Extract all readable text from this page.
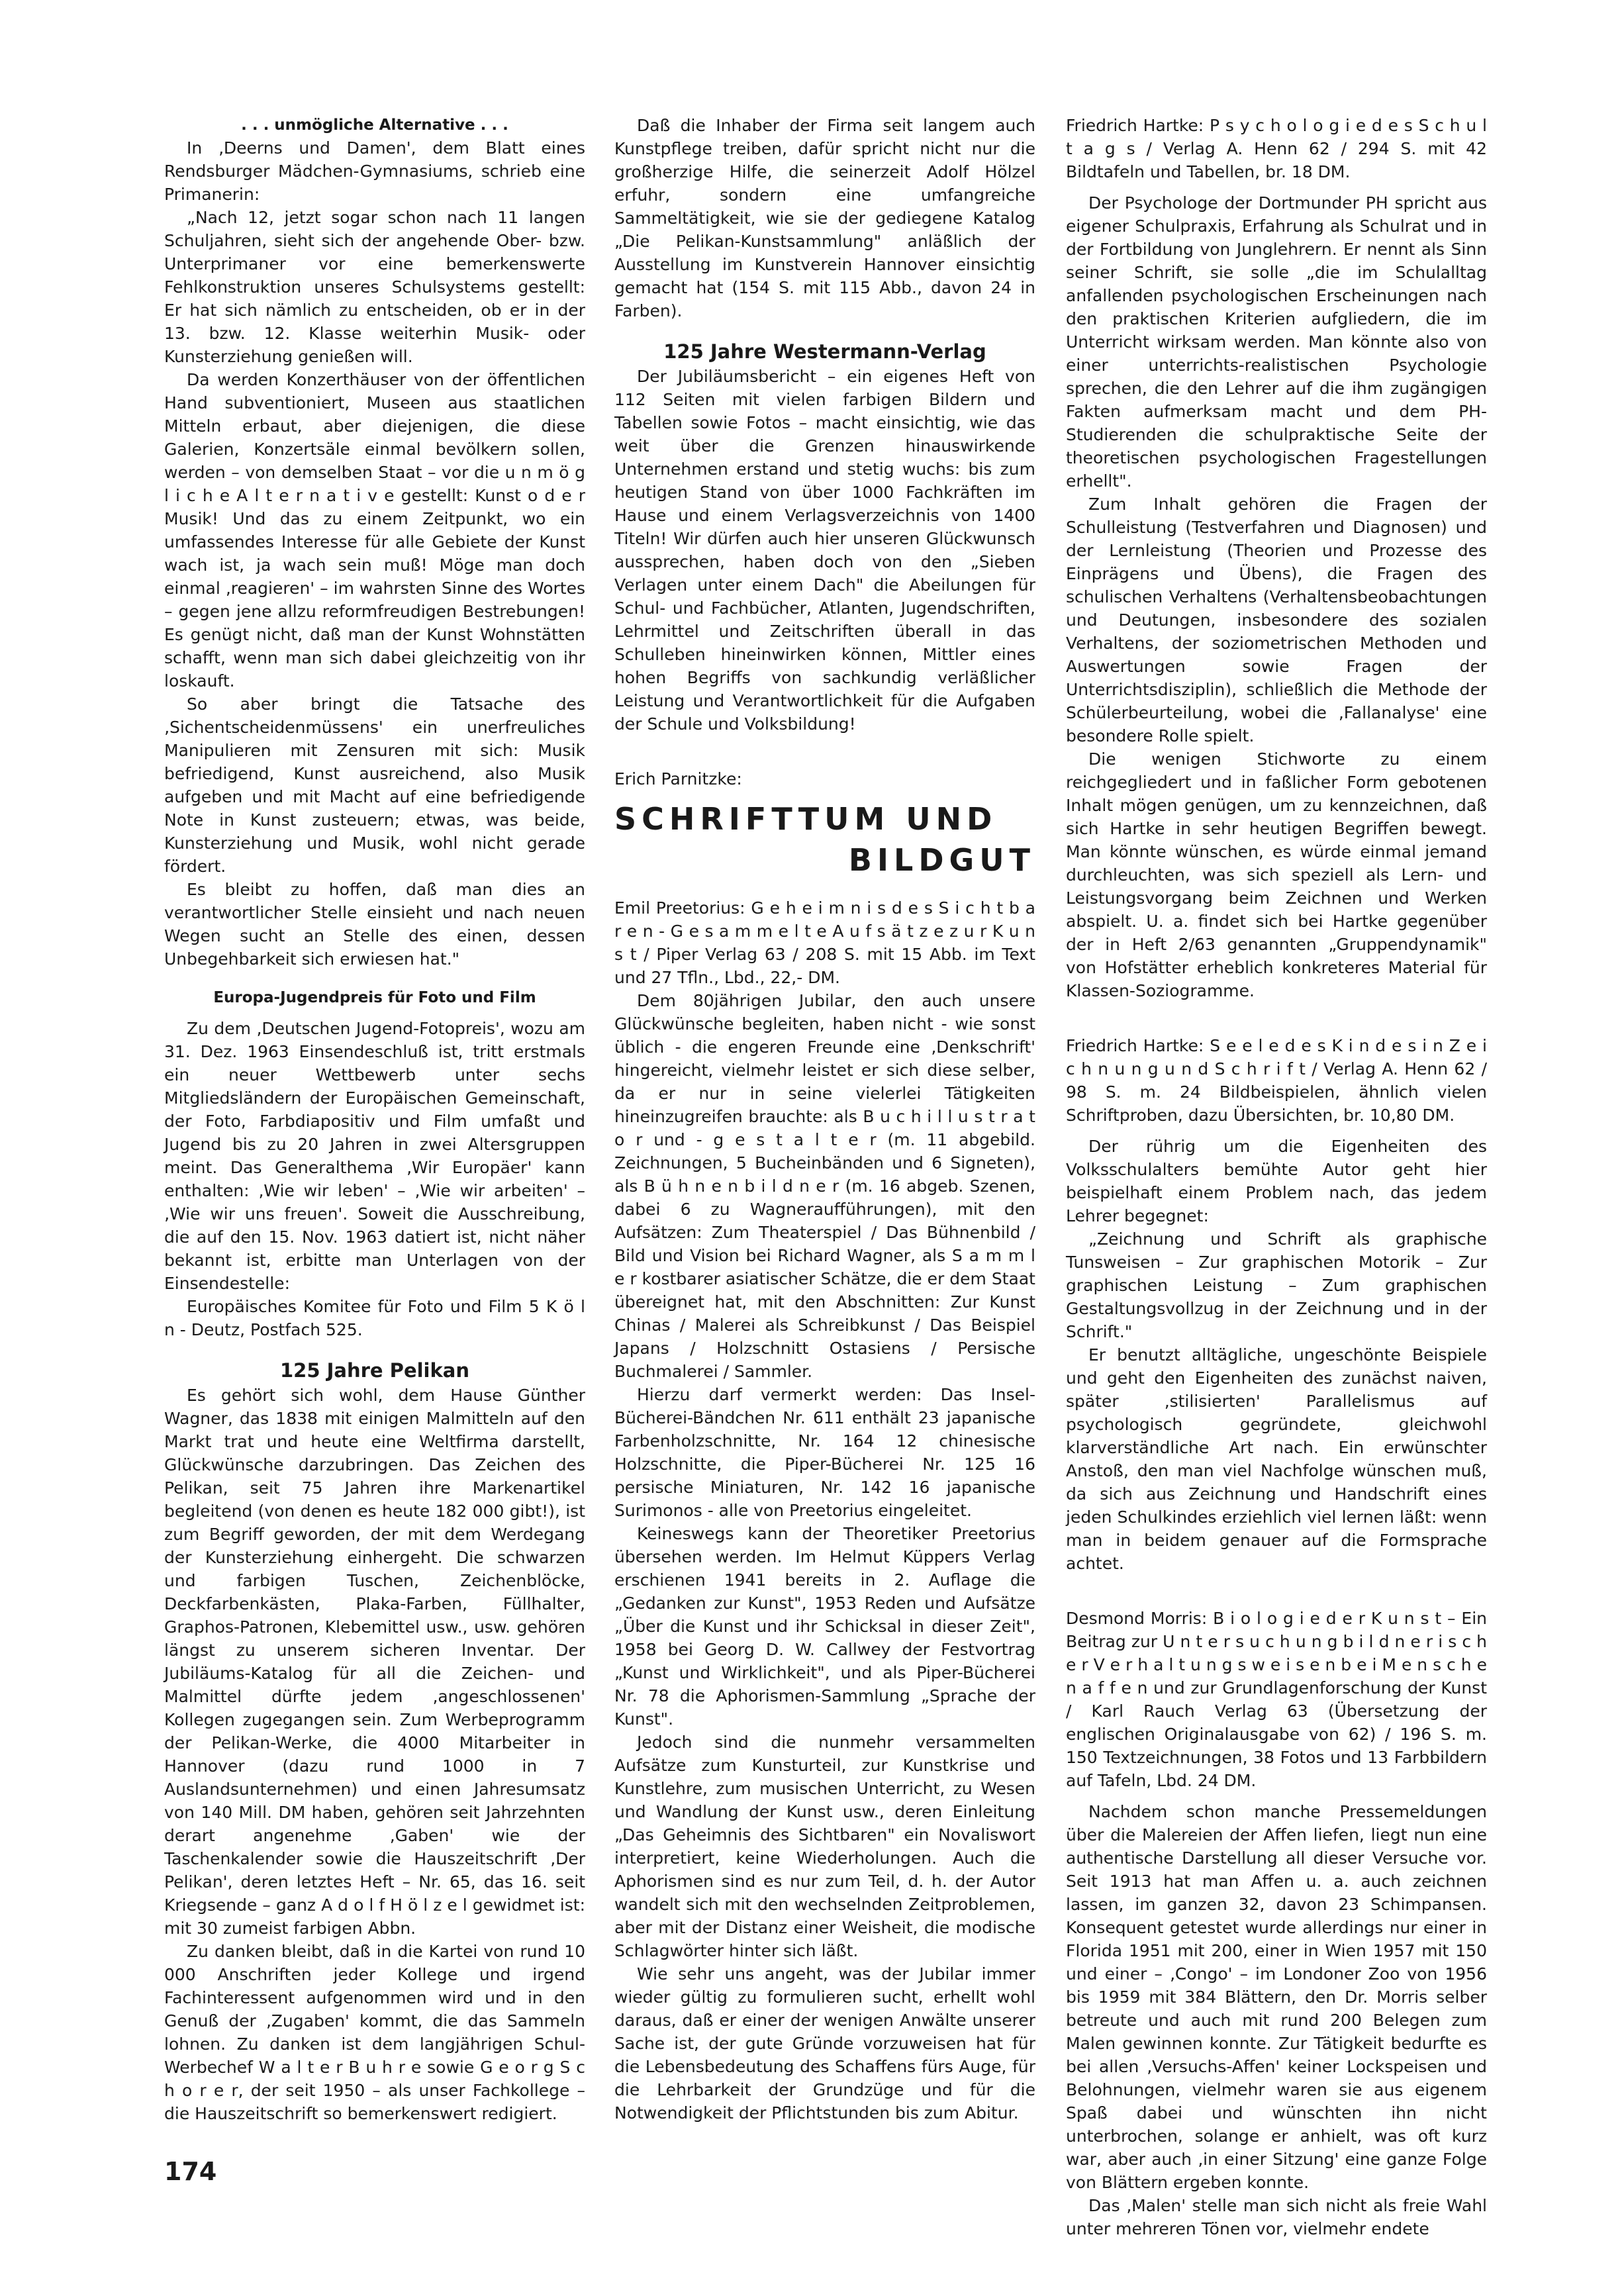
. . . unmögliche Alternative . . .

In ‚Deerns und Damen', dem Blatt eines Rendsburger Mädchen-Gymnasiums, schrieb eine Primanerin:

„Nach 12, jetzt sogar schon nach 11 langen Schuljahren, sieht sich der angehende Ober- bzw. Unterprimaner vor eine bemerkenswerte Fehlkonstruktion unseres Schulsystems gestellt: Er hat sich nämlich zu entscheiden, ob er in der 13. bzw. 12. Klasse weiterhin Musik- oder Kunsterziehung genießen will.

Da werden Konzerthäuser von der öffentlichen Hand subventioniert, Museen aus staatlichen Mitteln erbaut, aber diejenigen, die diese Galerien, Konzertsäle einmal bevölkern sollen, werden – von demselben Staat – vor die u n m ö g l i c h e A l t e r n a t i v e gestellt: Kunst o d e r Musik! Und das zu einem Zeitpunkt, wo ein umfassendes Interesse für alle Gebiete der Kunst wach ist, ja wach sein muß! Möge man doch einmal ‚reagieren' – im wahrsten Sinne des Wortes – gegen jene allzu reformfreudigen Bestrebungen! Es genügt nicht, daß man der Kunst Wohnstätten schafft, wenn man sich dabei gleichzeitig von ihr loskauft.

So aber bringt die Tatsache des ‚Sichentscheidenmüssens' ein unerfreuliches Manipulieren mit Zensuren mit sich: Musik befriedigend, Kunst ausreichend, also Musik aufgeben und mit Macht auf eine befriedigende Note in Kunst zusteuern; etwas, was beide, Kunsterziehung und Musik, wohl nicht gerade fördert.

Es bleibt zu hoffen, daß man dies an verantwortlicher Stelle einsieht und nach neuen Wegen sucht an Stelle des einen, dessen Unbegehbarkeit sich erwiesen hat."

Europa-Jugendpreis für Foto und Film

Zu dem ‚Deutschen Jugend-Fotopreis', wozu am 31. Dez. 1963 Einsendeschluß ist, tritt erstmals ein neuer Wettbewerb unter sechs Mitgliedsländern der Europäischen Gemeinschaft, der Foto, Farbdiapositiv und Film umfaßt und Jugend bis zu 20 Jahren in zwei Altersgruppen meint. Das Generalthema ‚Wir Europäer' kann enthalten: ‚Wie wir leben' – ‚Wie wir arbeiten' – ‚Wie wir uns freuen'. Soweit die Ausschreibung, die auf den 15. Nov. 1963 datiert ist, nicht näher bekannt ist, erbitte man Unterlagen von der Einsendestelle:

Europäisches Komitee für Foto und Film 5 K ö l n - Deutz, Postfach 525.

125 Jahre Pelikan

Es gehört sich wohl, dem Hause Günther Wagner, das 1838 mit einigen Malmitteln auf den Markt trat und heute eine Weltfirma darstellt, Glückwünsche darzubringen. Das Zeichen des Pelikan, seit 75 Jahren ihre Markenartikel begleitend (von denen es heute 182 000 gibt!), ist zum Begriff geworden, der mit dem Werdegang der Kunsterziehung einhergeht. Die schwarzen und farbigen Tuschen, Zeichenblöcke, Deckfarbenkästen, Plaka-Farben, Füllhalter, Graphos-Patronen, Klebemittel usw., usw. gehören längst zu unserem sicheren Inventar. Der Jubiläums-Katalog für all die Zeichen- und Malmittel dürfte jedem ‚angeschlossenen' Kollegen zugegangen sein. Zum Werbeprogramm der Pelikan-Werke, die 4000 Mitarbeiter in Hannover (dazu rund 1000 in 7 Auslandsunternehmen) und einen Jahresumsatz von 140 Mill. DM haben, gehören seit Jahrzehnten derart angenehme ‚Gaben' wie der Taschenkalender sowie die Hauszeitschrift ‚Der Pelikan', deren letztes Heft – Nr. 65, das 16. seit Kriegsende – ganz A d o l f H ö l z e l gewidmet ist: mit 30 zumeist farbigen Abbn.

Zu danken bleibt, daß in die Kartei von rund 10 000 Anschriften jeder Kollege und irgend Fachinteressent aufgenommen wird und in den Genuß der ‚Zugaben' kommt, die das Sammeln lohnen. Zu danken ist dem langjährigen Schul-Werbechef W a l t e r B u h r e sowie G e o r g S c h o r e r, der seit 1950 – als unser Fachkollege – die Hauszeitschrift so bemerkenswert redigiert.

Daß die Inhaber der Firma seit langem auch Kunstpflege treiben, dafür spricht nicht nur die großherzige Hilfe, die seinerzeit Adolf Hölzel erfuhr, sondern eine umfangreiche Sammeltätigkeit, wie sie der gediegene Katalog „Die Pelikan-Kunstsammlung" anläßlich der Ausstellung im Kunstverein Hannover einsichtig gemacht hat (154 S. mit 115 Abb., davon 24 in Farben).

125 Jahre Westermann-Verlag

Der Jubiläumsbericht – ein eigenes Heft von 112 Seiten mit vielen farbigen Bildern und Tabellen sowie Fotos – macht einsichtig, wie das weit über die Grenzen hinauswirkende Unternehmen erstand und stetig wuchs: bis zum heutigen Stand von über 1000 Fachkräften im Hause und einem Verlagsverzeichnis von 1400 Titeln! Wir dürfen auch hier unseren Glückwunsch aussprechen, haben doch von den „Sieben Verlagen unter einem Dach" die Abeilungen für Schul- und Fachbücher, Atlanten, Jugendschriften, Lehrmittel und Zeitschriften überall in das Schulleben hineinwirken können, Mittler eines hohen Begriffs von sachkundig verläßlicher Leistung und Verantwortlichkeit für die Aufgaben der Schule und Volksbildung!

Erich Parnitzke:

SCHRIFTTUM UND
BILDGUT

Emil Preetorius: G e h e i m n i s d e s S i c h t b a r e n - G e s a m m e l t e A u f s ä t z e z u r K u n s t / Piper Verlag 63 / 208 S. mit 15 Abb. im Text und 27 Tfln., Lbd., 22,- DM.

Dem 80jährigen Jubilar, den auch unsere Glückwünsche begleiten, haben nicht - wie sonst üblich - die engeren Freunde eine ‚Denkschrift' hingereicht, vielmehr leistet er sich diese selber, da er nur in seine vielerlei Tätigkeiten hineinzugreifen brauchte: als B u c h i l l u s t r a t o r und - g e s t a l t e r (m. 11 abgebild. Zeichnungen, 5 Bucheinbänden und 6 Signeten), als B ü h n e n b i l d n e r (m. 16 abgeb. Szenen, dabei 6 zu Wagneraufführungen), mit den Aufsätzen: Zum Theaterspiel / Das Bühnenbild / Bild und Vision bei Richard Wagner, als S a m m l e r kostbarer asiatischer Schätze, die er dem Staat übereignet hat, mit den Abschnitten: Zur Kunst Chinas / Malerei als Schreibkunst / Das Beispiel Japans / Holzschnitt Ostasiens / Persische Buchmalerei / Sammler.

Hierzu darf vermerkt werden: Das Insel-Bücherei-Bändchen Nr. 611 enthält 23 japanische Farbenholzschnitte, Nr. 164 12 chinesische Holzschnitte, die Piper-Bücherei Nr. 125 16 persische Miniaturen, Nr. 142 16 japanische Surimonos - alle von Preetorius eingeleitet.

Keineswegs kann der Theoretiker Preetorius übersehen werden. Im Helmut Küppers Verlag erschienen 1941 bereits in 2. Auflage die „Gedanken zur Kunst", 1953 Reden und Aufsätze „Über die Kunst und ihr Schicksal in dieser Zeit", 1958 bei Georg D. W. Callwey der Festvortrag „Kunst und Wirklichkeit", und als Piper-Bücherei Nr. 78 die Aphorismen-Sammlung „Sprache der Kunst".

Jedoch sind die nunmehr versammelten Aufsätze zum Kunsturteil, zur Kunstkrise und Kunstlehre, zum musischen Unterricht, zu Wesen und Wandlung der Kunst usw., deren Einleitung „Das Geheimnis des Sichtbaren" ein Novaliswort interpretiert, keine Wiederholungen. Auch die Aphorismen sind es nur zum Teil, d. h. der Autor wandelt sich mit den wechselnden Zeitproblemen, aber mit der Distanz einer Weisheit, die modische Schlagwörter hinter sich läßt.

Wie sehr uns angeht, was der Jubilar immer wieder gültig zu formulieren sucht, erhellt wohl daraus, daß er einer der wenigen Anwälte unserer Sache ist, der gute Gründe vorzuweisen hat für die Lebensbedeutung des Schaffens fürs Auge, für die Lehrbarkeit der Grundzüge und für die Notwendigkeit der Pflichtstunden bis zum Abitur.

Friedrich Hartke: P s y c h o l o g i e d e s S c h u l t a g s / Verlag A. Henn 62 / 294 S. mit 42 Bildtafeln und Tabellen, br. 18 DM.

Der Psychologe der Dortmunder PH spricht aus eigener Schulpraxis, Erfahrung als Schulrat und in der Fortbildung von Junglehrern. Er nennt als Sinn seiner Schrift, sie solle „die im Schulalltag anfallenden psychologischen Erscheinungen nach den praktischen Kriterien aufgliedern, die im Unterricht wirksam werden. Man könnte also von einer unterrichts-realistischen Psychologie sprechen, die den Lehrer auf die ihm zugängigen Fakten aufmerksam macht und dem PH-Studierenden die schulpraktische Seite der theoretischen psychologischen Fragestellungen erhellt".

Zum Inhalt gehören die Fragen der Schulleistung (Testverfahren und Diagnosen) und der Lernleistung (Theorien und Prozesse des Einprägens und Übens), die Fragen des schulischen Verhaltens (Verhaltensbeobachtungen und Deutungen, insbesondere des sozialen Verhaltens, der soziometrischen Methoden und Auswertungen sowie Fragen der Unterrichtsdisziplin), schließlich die Methode der Schülerbeurteilung, wobei die ‚Fallanalyse' eine besondere Rolle spielt.

Die wenigen Stichworte zu einem reichgegliedert und in faßlicher Form gebotenen Inhalt mögen genügen, um zu kennzeichnen, daß sich Hartke in sehr heutigen Begriffen bewegt. Man könnte wünschen, es würde einmal jemand durchleuchten, was sich speziell als Lern- und Leistungsvorgang beim Zeichnen und Werken abspielt. U. a. findet sich bei Hartke gegenüber der in Heft 2/63 genannten „Gruppendynamik" von Hofstätter erheblich konkreteres Material für Klassen-Soziogramme.

Friedrich Hartke: S e e l e d e s K i n d e s i n Z e i c h n u n g u n d S c h r i f t / Verlag A. Henn 62 / 98 S. m. 24 Bildbeispielen, ähnlich vielen Schriftproben, dazu Übersichten, br. 10,80 DM.

Der rührig um die Eigenheiten des Volksschulalters bemühte Autor geht hier beispielhaft einem Problem nach, das jedem Lehrer begegnet:

„Zeichnung und Schrift als graphische Tunsweisen – Zur graphischen Motorik – Zur graphischen Leistung – Zum graphischen Gestaltungsvollzug in der Zeichnung und in der Schrift."

Er benutzt alltägliche, ungeschönte Beispiele und geht den Eigenheiten des zunächst naiven, später ‚stilisierten' Parallelismus auf psychologisch gegründete, gleichwohl klarverständliche Art nach. Ein erwünschter Anstoß, den man viel Nachfolge wünschen muß, da sich aus Zeichnung und Handschrift eines jeden Schulkindes erziehlich viel lernen läßt: wenn man in beidem genauer auf die Formsprache achtet.

Desmond Morris: B i o l o g i e d e r K u n s t – Ein Beitrag zur U n t e r s u c h u n g b i l d n e r i s c h e r V e r h a l t u n g s w e i s e n b e i M e n s c h e n a f f e n und zur Grundlagenforschung der Kunst / Karl Rauch Verlag 63 (Übersetzung der englischen Originalausgabe von 62) / 196 S. m. 150 Textzeichnungen, 38 Fotos und 13 Farbbildern auf Tafeln, Lbd. 24 DM.

Nachdem schon manche Pressemeldungen über die Malereien der Affen liefen, liegt nun eine authentische Darstellung all dieser Versuche vor. Seit 1913 hat man Affen u. a. auch zeichnen lassen, im ganzen 32, davon 23 Schimpansen. Konsequent getestet wurde allerdings nur einer in Florida 1951 mit 200, einer in Wien 1957 mit 150 und einer – ‚Congo' – im Londoner Zoo von 1956 bis 1959 mit 384 Blättern, den Dr. Morris selber betreute und auch mit rund 200 Belegen zum Malen gewinnen konnte. Zur Tätigkeit bedurfte es bei allen ‚Versuchs-Affen' keiner Lockspeisen und Belohnungen, vielmehr waren sie aus eigenem Spaß dabei und wünschten ihn nicht unterbrochen, solange er anhielt, was oft kurz war, aber auch ‚in einer Sitzung' eine ganze Folge von Blättern ergeben konnte.

Das ‚Malen' stelle man sich nicht als freie Wahl unter mehreren Tönen vor, vielmehr endete

174
